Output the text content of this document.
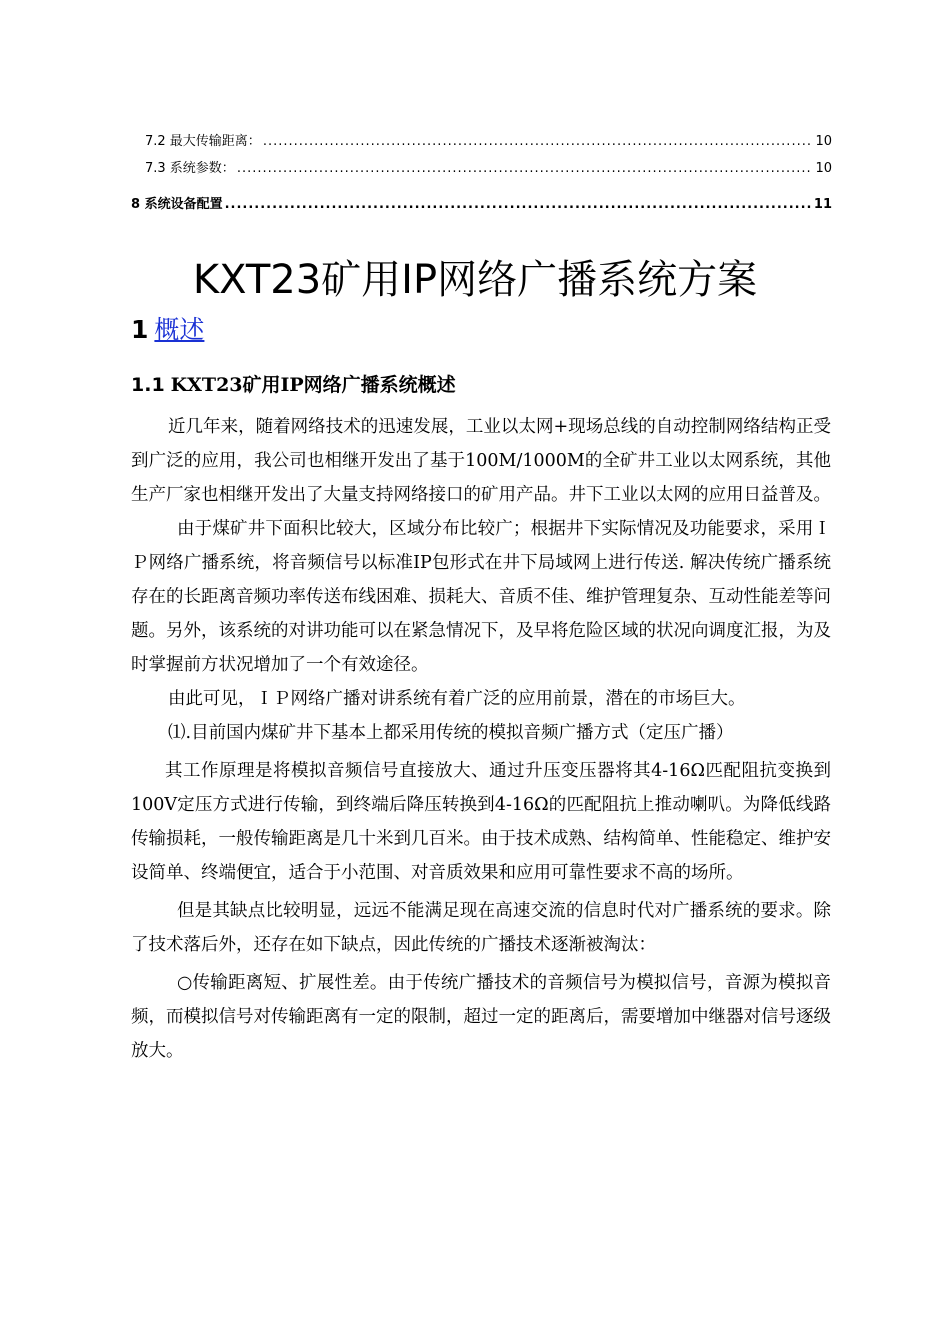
7.2 最大传输距离： .....	10
7.3 系统参数： .....	10
8 系统设备配置 .....	11
KXT23矿用IP网络广播系统方案
1 概述
1.1 KXT23矿用IP网络广播系统概述

近几年来，随着网络技术的迅速发展，工业以太网+现场总线的自动控制网络结构正受到广泛的应用，我公司也相继开发出了基于100M/1000M的全矿井工业以太网系统，其他生产厂家也相继开发出了大量支持网络接口的矿用产品。井下工业以太网的应用日益普及。

由于煤矿井下面积比较大，区域分布比较广；根据井下实际情况及功能要求，采用ＩＰ网络广播系统，将音频信号以标准IP包形式在井下局域网上进行传送. 解决传统广播系统存在的长距离音频功率传送布线困难、损耗大、音质不佳、维护管理复杂、互动性能差等问题。另外，该系统的对讲功能可以在紧急情况下，及早将危险区域的状况向调度汇报，为及时掌握前方状况增加了一个有效途径。

由此可见，ＩＰ网络广播对讲系统有着广泛的应用前景，潜在的市场巨大。

⑴.目前国内煤矿井下基本上都采用传统的模拟音频广播方式（定压广播）

其工作原理是将模拟音频信号直接放大、通过升压变压器将其4-16Ω匹配阻抗变换到100V定压方式进行传输，到终端后降压转换到4-16Ω的匹配阻抗上推动喇叭。为降低线路传输损耗，一般传输距离是几十米到几百米。由于技术成熟、结构简单、性能稳定、维护安设简单、终端便宜，适合于小范围、对音质效果和应用可靠性要求不高的场所。

但是其缺点比较明显，远远不能满足现在高速交流的信息时代对广播系统的要求。除了技术落后外，还存在如下缺点，因此传统的广播技术逐渐被淘汰：

○传输距离短、扩展性差。由于传统广播技术的音频信号为模拟信号，音源为模拟音频，而模拟信号对传输距离有一定的限制，超过一定的距离后，需要增加中继器对信号逐级放大。
